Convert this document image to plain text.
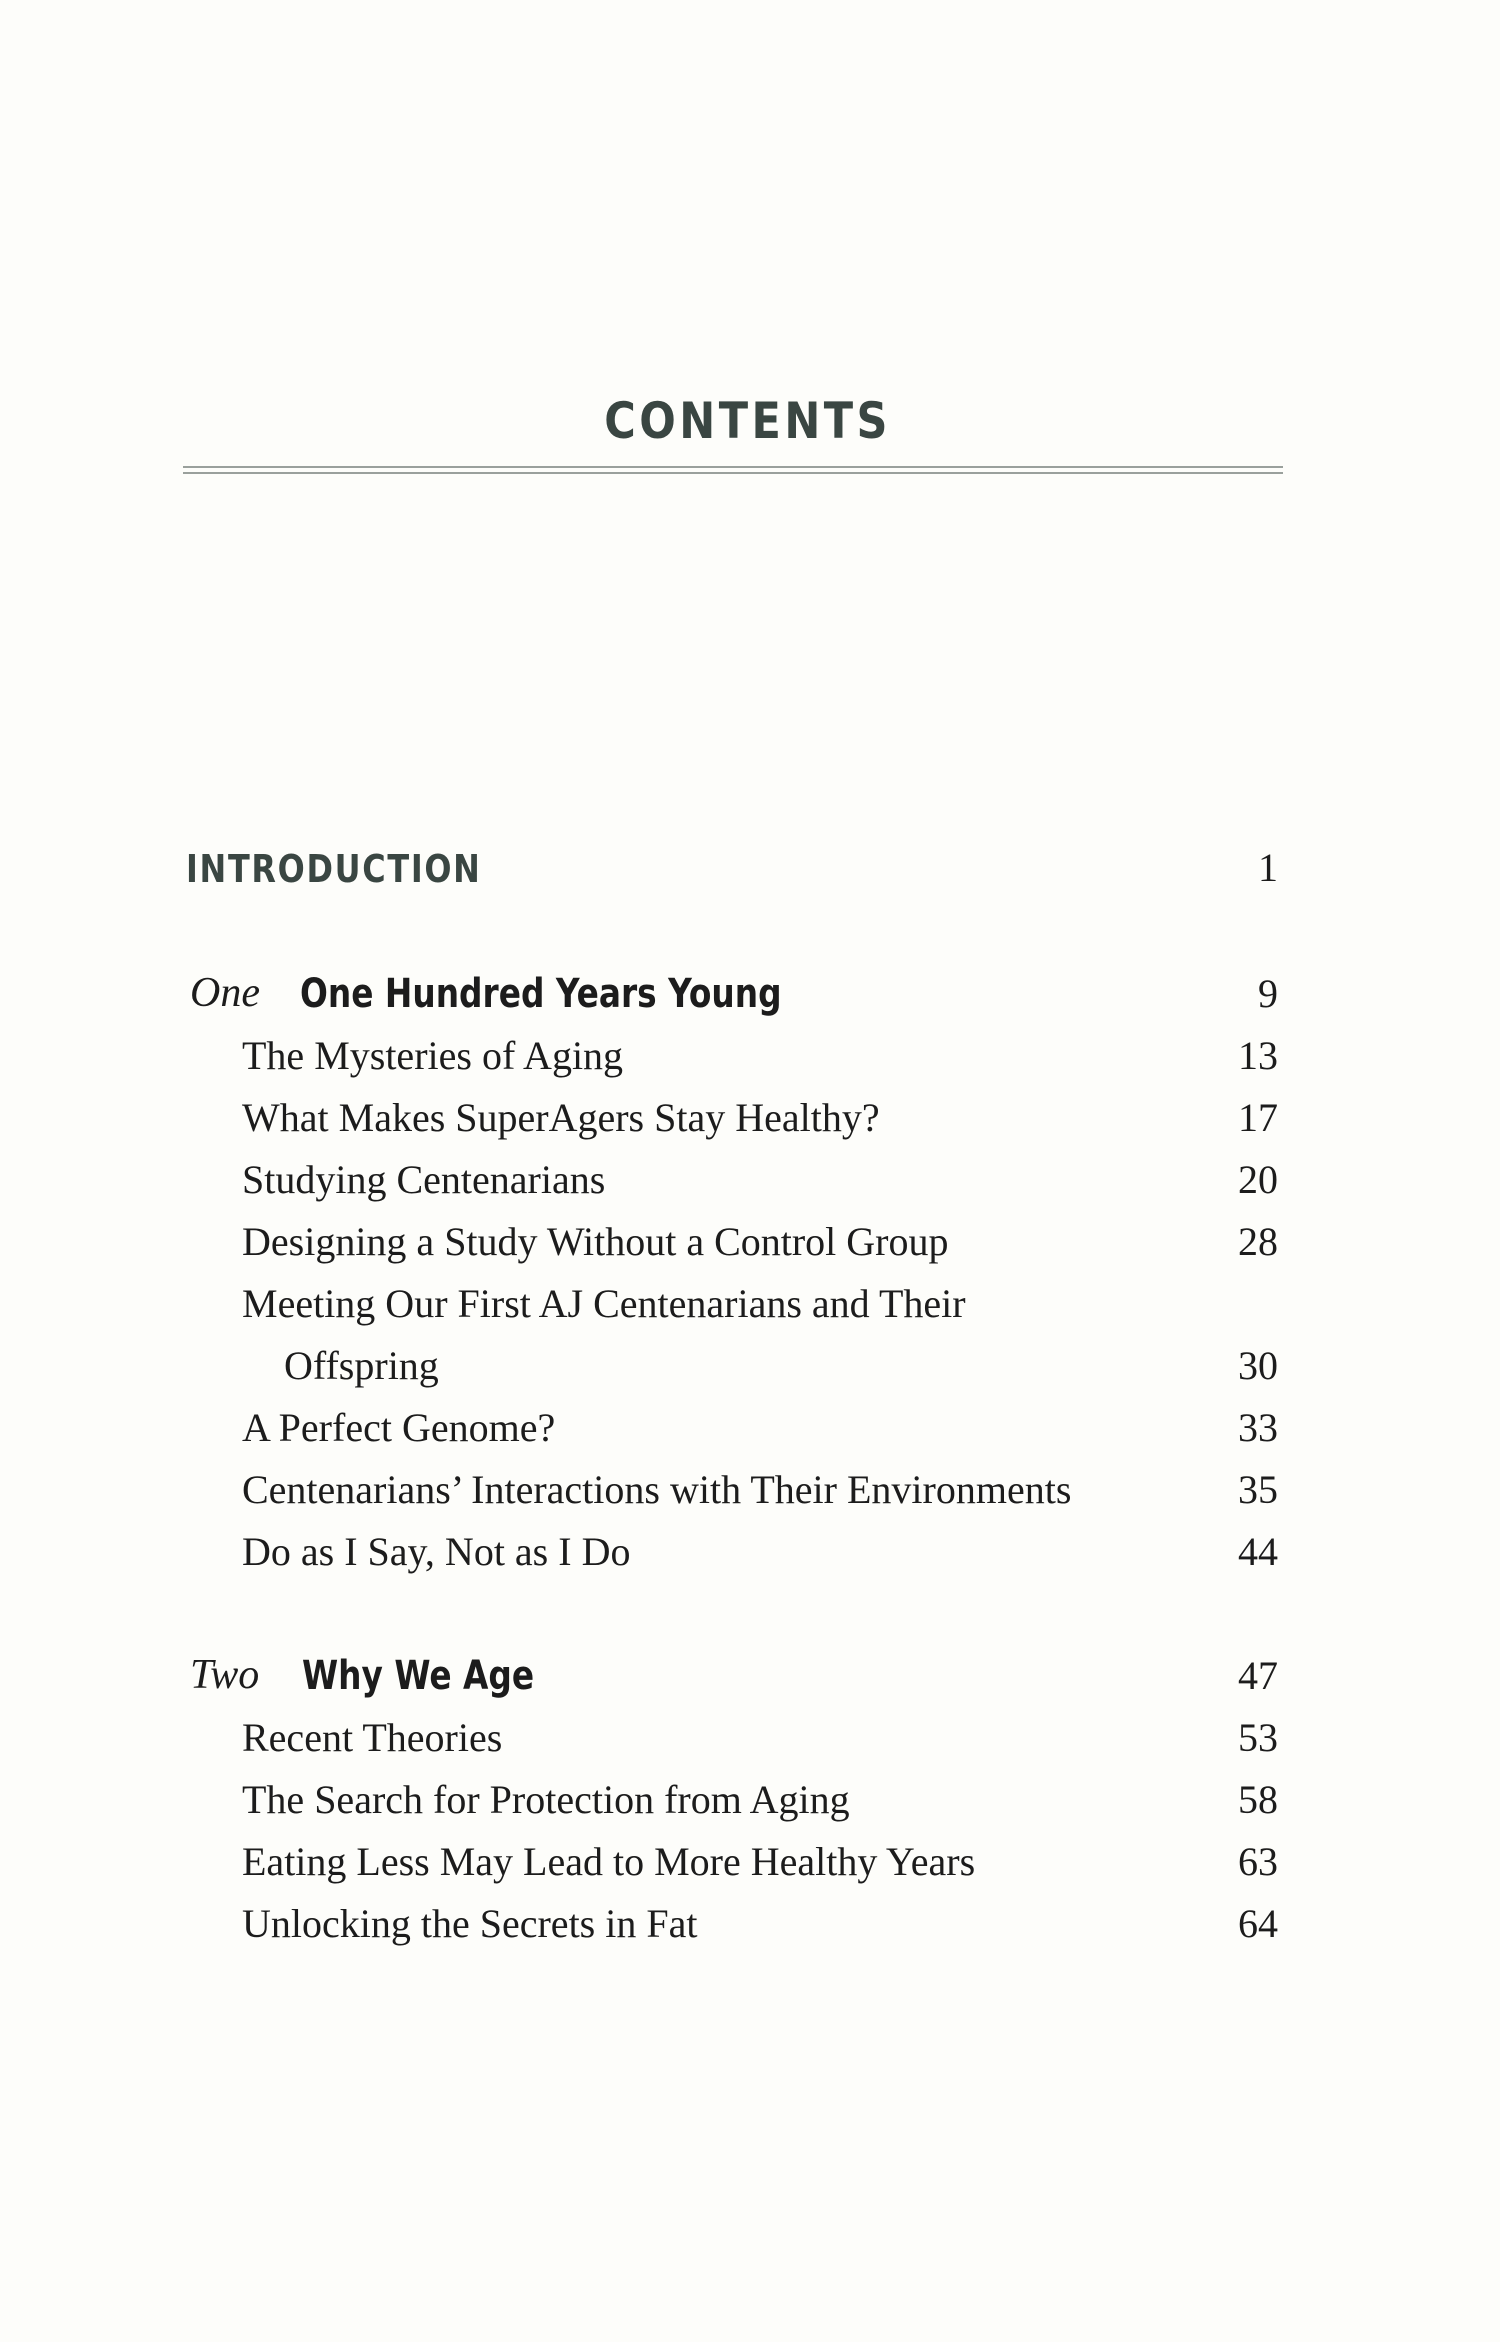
CONTENTS
INTRODUCTION	1
One One Hundred Years Young	9
The Mysteries of Aging	13
What Makes SuperAgers Stay Healthy?	17
Studying Centenarians	20
Designing a Study Without a Control Group	28
Meeting Our First AJ Centenarians and Their
Offspring	30
A Perfect Genome?	33
Centenarians’ Interactions with Their Environments	35
Do as I Say, Not as I Do	44
Two Why We Age	47
Recent Theories	53
The Search for Protection from Aging	58
Eating Less May Lead to More Healthy Years	63
Unlocking the Secrets in Fat	64
